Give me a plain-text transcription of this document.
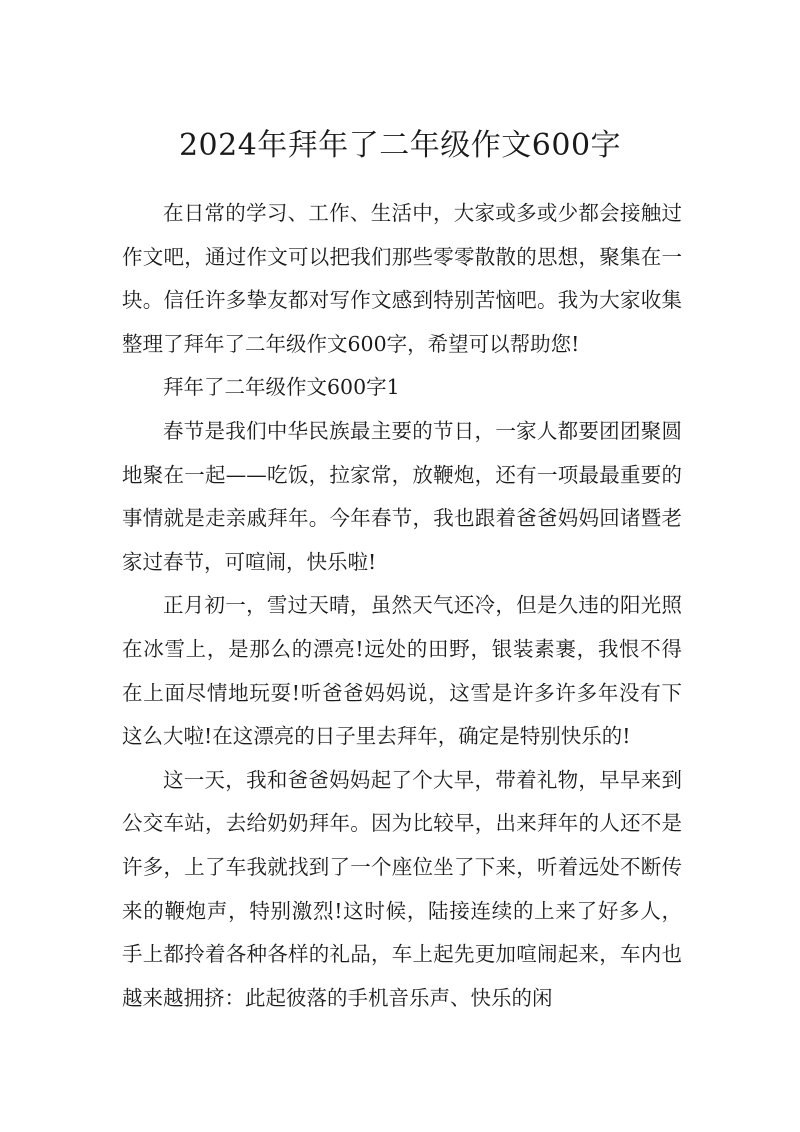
2024年拜年了二年级作文600字

在日常的学习、工作、生活中，大家或多或少都会接触过作文吧，通过作文可以把我们那些零零散散的思想，聚集在一块。信任许多挚友都对写作文感到特别苦恼吧。我为大家收集整理了拜年了二年级作文600字，希望可以帮助您!

拜年了二年级作文600字1

春节是我们中华民族最主要的节日，一家人都要团团聚圆地聚在一起——吃饭，拉家常，放鞭炮，还有一项最最重要的事情就是走亲戚拜年。今年春节，我也跟着爸爸妈妈回诸暨老家过春节，可喧闹，快乐啦!

正月初一，雪过天晴，虽然天气还冷，但是久违的阳光照在冰雪上，是那么的漂亮!远处的田野，银装素裹，我恨不得在上面尽情地玩耍!听爸爸妈妈说，这雪是许多许多年没有下这么大啦!在这漂亮的日子里去拜年，确定是特别快乐的!

这一天，我和爸爸妈妈起了个大早，带着礼物，早早来到公交车站，去给奶奶拜年。因为比较早，出来拜年的人还不是许多，上了车我就找到了一个座位坐了下来，听着远处不断传来的鞭炮声，特别激烈!这时候，陆接连续的上来了好多人，手上都拎着各种各样的礼品，车上起先更加喧闹起来，车内也越来越拥挤：此起彼落的手机音乐声、快乐的闲
